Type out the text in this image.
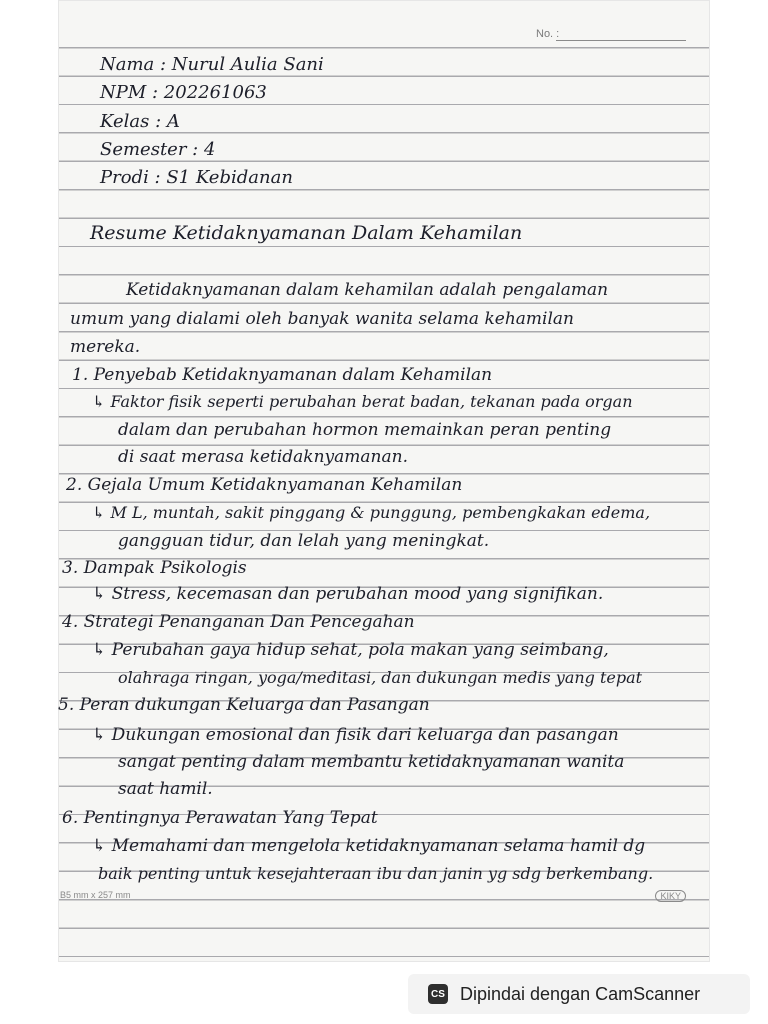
No. :
Nama : Nurul Aulia Sani
NPM : 202261063
Kelas : A
Semester : 4
Prodi : S1 Kebidanan
Resume Ketidaknyamanan Dalam Kehamilan
Ketidaknyamanan dalam kehamilan adalah pengalaman
umum yang dialami oleh banyak wanita selama kehamilan
mereka.
1. Penyebab Ketidaknyamanan dalam Kehamilan
↳ Faktor fisik seperti perubahan berat badan, tekanan pada organ
dalam dan perubahan hormon memainkan peran penting
di saat merasa ketidaknyamanan.
2. Gejala Umum Ketidaknyamanan Kehamilan
↳ M L, muntah, sakit pinggang & punggung, pembengkakan edema,
gangguan tidur, dan lelah yang meningkat.
3. Dampak Psikologis
↳ Stress, kecemasan dan perubahan mood yang signifikan.
4. Strategi Penanganan Dan Pencegahan
↳ Perubahan gaya hidup sehat, pola makan yang seimbang,
olahraga ringan, yoga/meditasi, dan dukungan medis yang tepat
5. Peran dukungan Keluarga dan Pasangan
↳ Dukungan emosional dan fisik dari keluarga dan pasangan
sangat penting dalam membantu ketidaknyamanan wanita
saat hamil.
6. Pentingnya Perawatan Yang Tepat
↳ Memahami dan mengelola ketidaknyamanan selama hamil dg
baik penting untuk kesejahteraan ibu dan janin yg sdg berkembang.
B5 mm x 257 mm	KIKY
CS Dipindai dengan CamScanner
